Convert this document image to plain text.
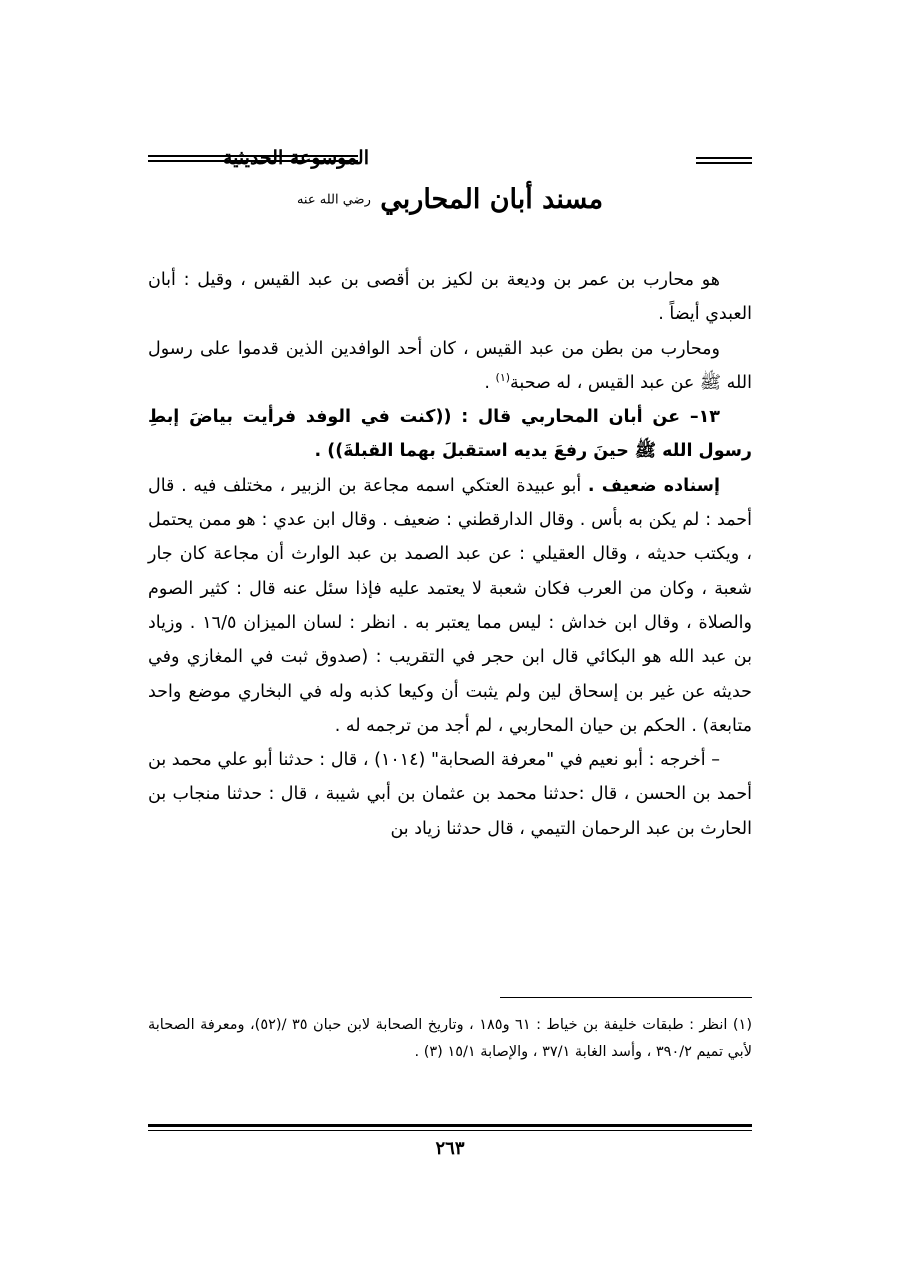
الموسوعة الحديثية
مسند أبان المحاربي رضي الله عنه

هو محارب بن عمر بن وديعة بن لكيز بن أقصى بن عبد القيس ، وقيل : أبان العبدي أيضاً .

ومحارب من بطن من عبد القيس ، كان أحد الوافدين الذين قدموا على رسول الله ﷺ عن عبد القيس ، له صحبة$^{(١)}$ .

١٣– عن أبان المحاربي قال : ((كنت في الوفد فرأيت بياضَ إبطِ رسول الله ﷺ حينَ رفعَ يديه استقبلَ بهما القبلةَ)) .

إسناده ضعيف . أبو عبيدة العتكي اسمه مجاعة بن الزبير ، مختلف فيه . قال أحمد : لم يكن به بأس . وقال الدارقطني : ضعيف . وقال ابن عدي : هو ممن يحتمل ، ويكتب حديثه ، وقال العقيلي : عن عبد الصمد بن عبد الوارث أن مجاعة كان جار شعبة ، وكان من العرب فكان شعبة لا يعتمد عليه فإذا سئل عنه قال : كثير الصوم والصلاة ، وقال ابن خداش : ليس مما يعتبر به . انظر : لسان الميزان ١٦/٥ . وزياد بن عبد الله هو البكائي قال ابن حجر في التقريب : (صدوق ثبت في المغازي وفي حديثه عن غير بن إسحاق لين ولم يثبت أن وكيعا كذبه وله في البخاري موضع واحد متابعة) . الحكم بن حيان المحاربي ، لم أجد من ترجمه له .

– أخرجه : أبو نعيم في "معرفة الصحابة" (١٠١٤) ، قال : حدثنا أبو علي محمد بن أحمد بن الحسن ، قال :حدثنا محمد بن عثمان بن أبي شيبة ، قال : حدثنا منجاب بن الحارث بن عبد الرحمان التيمي ، قال حدثنا زياد بن

(١) انظر : طبقات خليفة بن خياط : ٦١ و١٨٥ ، وتاريخ الصحابة لابن حبان ٣٥ /(٥٢)، ومعرفة الصحابة لأبي تميم ٣٩٠/٢ ، وأسد الغابة ٣٧/١ ، والإصابة ١٥/١ (٣) .

٢٦٣
